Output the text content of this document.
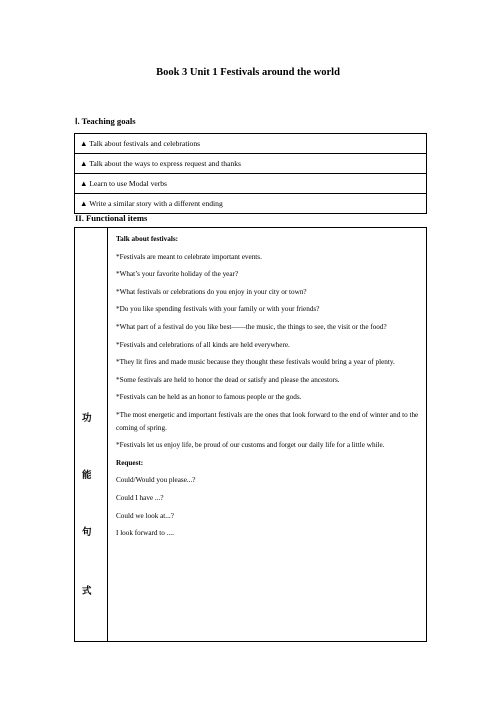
Book 3 Unit 1 Festivals around the world
Ⅰ. Teaching goals
▲ Talk about festivals and celebrations
▲ Talk about the ways to express request and thanks
▲ Learn to use Modal verbs
▲ Write a similar story with a different ending
II. Functional items
功
能
句
式

Talk about festivals:

*Festivals are meant to celebrate important events.

*What’s your favorite holiday of the year?

*What festivals or celebrations do you enjoy in your city or town?

*Do you like spending festivals with your family or with your friends?

*What part of a festival do you like best——the music, the things to see, the visit or the food?

*Festivals and celebrations of all kinds are held everywhere.

*They lit fires and made music because they thought these festivals would bring a year of plenty.

*Some festivals are held to honor the dead or satisfy and please the ancestors.

*Festivals can be held as an honor to famous people or the gods.

*The most energetic and important festivals are the ones that look forward to the end of winter and to the coming of spring.

*Festivals let us enjoy life, be proud of our customs and forget our daily life for a little while.

Request:

Could/Would you please...?

Could I have ...?

Could we look at...?

I look forward to ....
